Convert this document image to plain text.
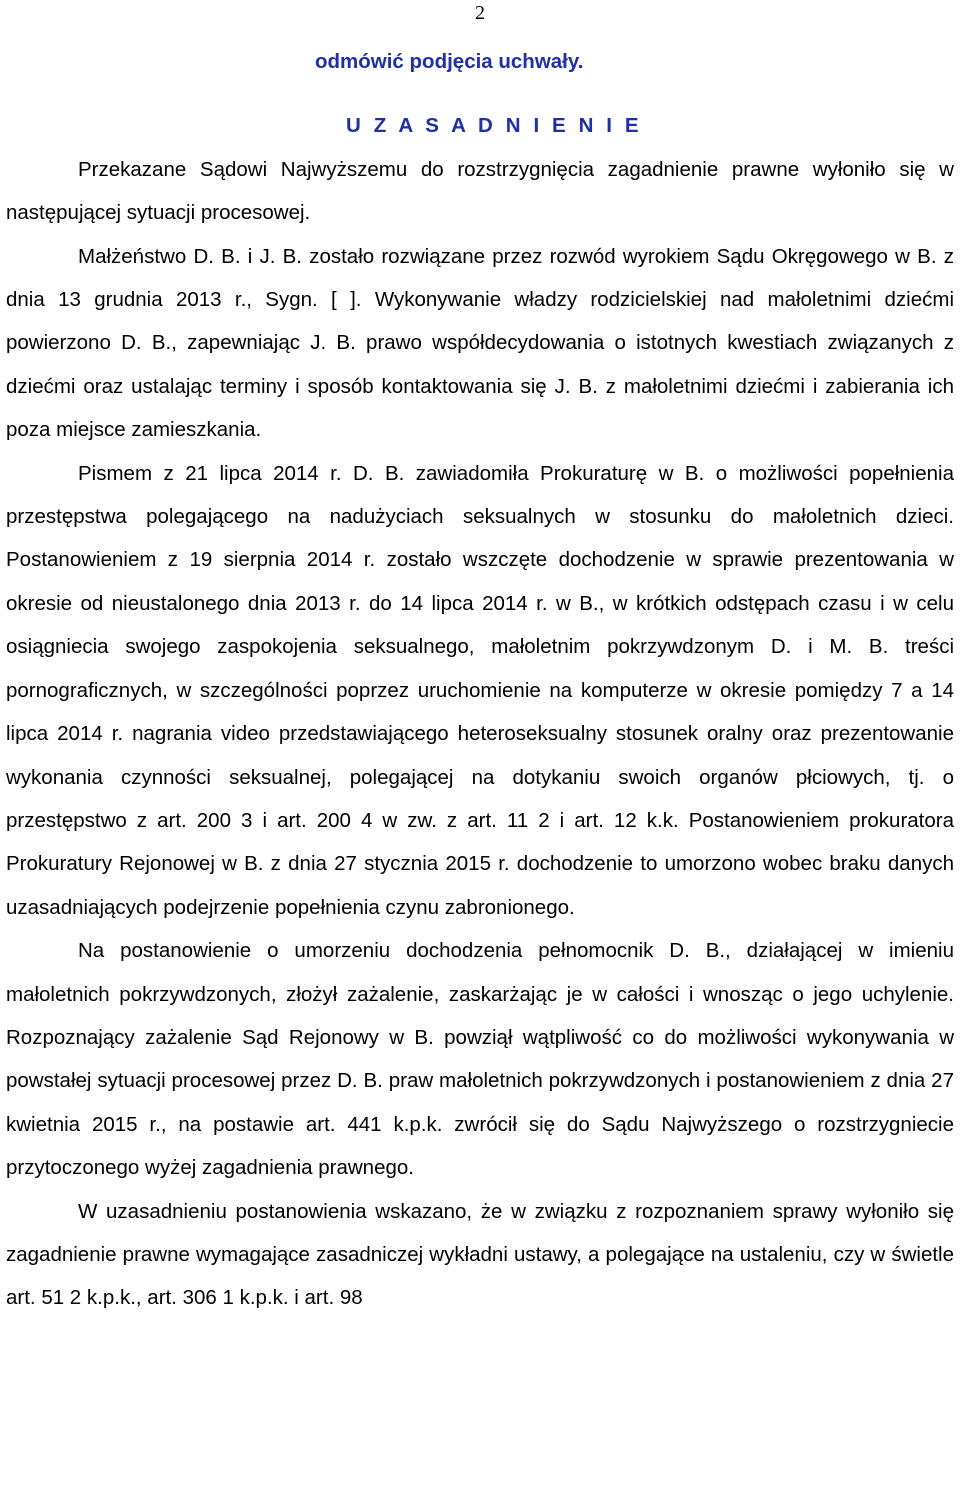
2

odmówić podjęcia uchwały.

U Z A S A D N I E N I E

Przekazane Sądowi Najwyższemu do rozstrzygnięcia zagadnienie prawne wyłoniło się w następującej sytuacji procesowej.

Małżeństwo D. B. i J. B. zostało rozwiązane przez rozwód wyrokiem Sądu Okręgowego w B. z dnia 13 grudnia 2013 r., Sygn. [ ]. Wykonywanie władzy rodzicielskiej nad małoletnimi dziećmi powierzono D. B., zapewniając J. B. prawo współdecydowania o istotnych kwestiach związanych z dziećmi oraz ustalając terminy i sposób kontaktowania się J. B. z małoletnimi dziećmi i zabierania ich poza miejsce zamieszkania.

Pismem z 21 lipca 2014 r. D. B. zawiadomiła Prokuraturę w B. o możliwości popełnienia przestępstwa polegającego na nadużyciach seksualnych w stosunku do małoletnich dzieci. Postanowieniem z 19 sierpnia 2014 r. zostało wszczęte dochodzenie w sprawie prezentowania w okresie od nieustalonego dnia 2013 r. do 14 lipca 2014 r. w B., w krótkich odstępach czasu i w celu osiągniecia swojego zaspokojenia seksualnego, małoletnim pokrzywdzonym D. i M. B. treści pornograficznych, w szczególności poprzez uruchomienie na komputerze w okresie pomiędzy 7 a 14 lipca 2014 r. nagrania video przedstawiającego heteroseksualny stosunek oralny oraz prezentowanie wykonania czynności seksualnej, polegającej na dotykaniu swoich organów płciowych, tj. o przestępstwo z art. 200 3 i art. 200 4 w zw. z art. 11 2 i art. 12 k.k. Postanowieniem prokuratora Prokuratury Rejonowej w B. z dnia 27 stycznia 2015 r. dochodzenie to umorzono wobec braku danych uzasadniających podejrzenie popełnienia czynu zabronionego.

Na postanowienie o umorzeniu dochodzenia pełnomocnik D. B., działającej w imieniu małoletnich pokrzywdzonych, złożył zażalenie, zaskarżając je w całości i wnosząc o jego uchylenie. Rozpoznający zażalenie Sąd Rejonowy w B. powziął wątpliwość co do możliwości wykonywania w powstałej sytuacji procesowej przez D. B. praw małoletnich pokrzywdzonych i postanowieniem z dnia 27 kwietnia 2015 r., na postawie art. 441 k.p.k. zwrócił się do Sądu Najwyższego o rozstrzygniecie przytoczonego wyżej zagadnienia prawnego.

W uzasadnieniu postanowienia wskazano, że w związku z rozpoznaniem sprawy wyłoniło się zagadnienie prawne wymagające zasadniczej wykładni ustawy, a polegające na ustaleniu, czy w świetle art. 51 2 k.p.k., art. 306 1 k.p.k. i art. 98
